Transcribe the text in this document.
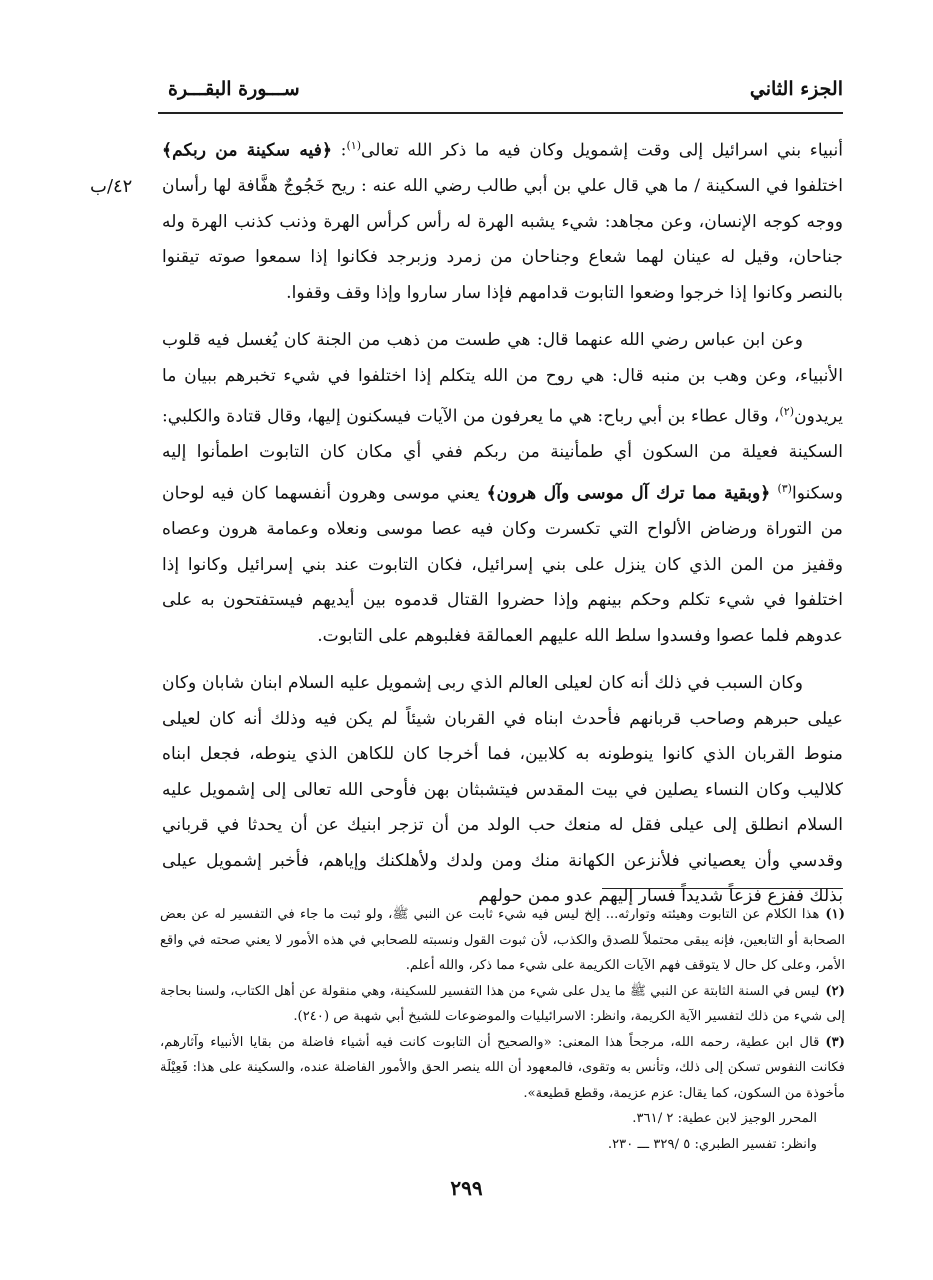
الجزء الثاني
ســـورة البقـــرة
٤٢/ب

أنبياء بني اسرائيل إلى وقت إشمويل وكان فيه ما ذكر الله تعالى$^{(١)}$: ﴿فيه سكينة من ربكم﴾ اختلفوا في السكينة / ما هي قال علي بن أبي طالب رضي الله عنه : ريح خَجُوجٌ هفَّافة لها رأسان ووجه كوجه الإنسان، وعن مجاهد: شيء يشبه الهرة له رأس كرأس الهرة وذنب كذنب الهرة وله جناحان، وقيل له عينان لهما شعاع وجناحان من زمرد وزبرجد فكانوا إذا سمعوا صوته تيقنوا بالنصر وكانوا إذا خرجوا وضعوا التابوت قدامهم فإذا سار ساروا وإذا وقف وقفوا.

وعن ابن عباس رضي الله عنهما قال: هي طست من ذهب من الجنة كان يُغسل فيه قلوب الأنبياء، وعن وهب بن منبه قال: هي روح من الله يتكلم إذا اختلفوا في شيء تخبرهم ببيان ما يريدون$^{(٢)}$، وقال عطاء بن أبي رباح: هي ما يعرفون من الآيات فيسكنون إليها، وقال قتادة والكلبي: السكينة فعيلة من السكون أي طمأنينة من ربكم ففي أي مكان كان التابوت اطمأنوا إليه وسكنوا$^{(٣)}$ ﴿وبقية مما ترك آل موسى وآل هرون﴾ يعني موسى وهرون أنفسهما كان فيه لوحان من التوراة ورضاض الألواح التي تكسرت وكان فيه عصا موسى ونعلاه وعمامة هرون وعصاه وقفيز من المن الذي كان ينزل على بني إسرائيل، فكان التابوت عند بني إسرائيل وكانوا إذا اختلفوا في شيء تكلم وحكم بينهم وإذا حضروا القتال قدموه بين أيديهم فيستفتحون به على عدوهم فلما عصوا وفسدوا سلط الله عليهم العمالقة فغلبوهم على التابوت.

وكان السبب في ذلك أنه كان لعيلى العالم الذي ربى إشمويل عليه السلام ابنان شابان وكان عيلى حبرهم وصاحب قربانهم فأحدث ابناه في القربان شيئاً لم يكن فيه وذلك أنه كان لعيلى منوط القربان الذي كانوا ينوطونه به كلابين، فما أخرجا كان للكاهن الذي ينوطه، فجعل ابناه كلاليب وكان النساء يصلين في بيت المقدس فيتشبثان بهن فأوحى الله تعالى إلى إشمويل عليه السلام انطلق إلى عيلى فقل له منعك حب الولد من أن تزجر ابنيك عن أن يحدثا في قرباني وقدسي وأن يعصياني فلأنزعن الكهانة منك ومن ولدك ولأهلكنك وإياهم، فأخبر إشمويل عيلى بذلك ففزع فزعاً شديداً فسار إليهم عدو ممن حولهم

(١)هذا الكلام عن التابوت وهيئته وتوارثه... إلخ ليس فيه شيء ثابت عن النبي ﷺ، ولو ثبت ما جاء في التفسير له عن بعض الصحابة أو التابعين، فإنه يبقى محتملاً للصدق والكذب، لأن ثبوت القول ونسبته للصحابي في هذه الأمور لا يعني صحته في واقع الأمر، وعلى كل حال لا يتوقف فهم الآيات الكريمة على شيء مما ذكر، والله أعلم.

(٢)ليس في السنة الثابتة عن النبي ﷺ ما يدل على شيء من هذا التفسير للسكينة، وهي منقولة عن أهل الكتاب، ولسنا بحاجة إلى شيء من ذلك لتفسير الآية الكريمة، وانظر: الاسرائيليات والموضوعات للشيخ أبي شهبة ص (٢٤٠).

(٣)قال ابن عطية، رحمه الله، مرجحاً هذا المعنى: «والصحيح أن التابوت كانت فيه أشياء فاضلة من بقايا الأنبياء وآثارهم، فكانت النفوس تسكن إلى ذلك، وتأنس به وتقوى، فالمعهود أن الله ينصر الحق والأمور الفاضلة عنده، والسكينة على هذا: فَعِيْلَة مأخوذة من السكون، كما يقال: عزم عزيمة، وقطع قطيعة».

المحرر الوجيز لابن عطية: ٢ /٣٦١.

وانظر: تفسير الطبري: ٥ /٣٢٩ ـــ ٢٣٠.

٢٩٩
